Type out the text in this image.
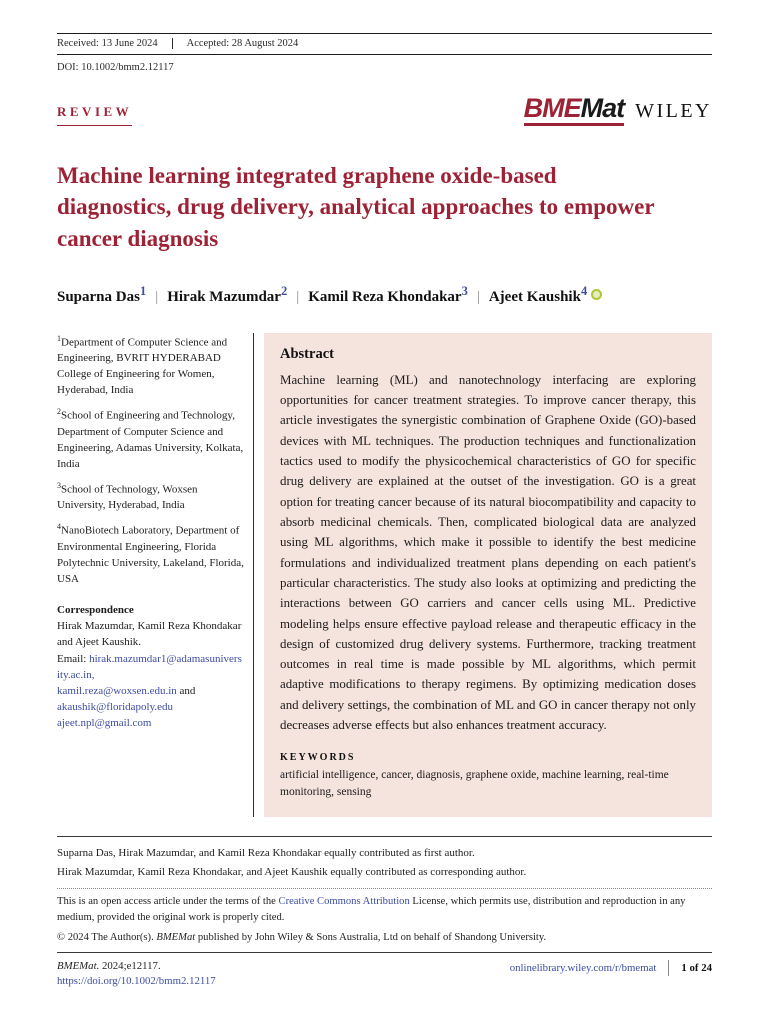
Received: 13 June 2024	Accepted: 28 August 2024
DOI: 10.1002/bmm2.12117
REVIEW	BMEMat WILEY
Machine learning integrated graphene oxide-based diagnostics, drug delivery, analytical approaches to empower cancer diagnosis
Suparna Das$^1$ | Hirak Mazumdar$^2$ | Kamil Reza Khondakar$^3$ | Ajeet Kaushik$^4$

$^1$Department of Computer Science and Engineering, BVRIT HYDERABAD College of Engineering for Women, Hyderabad, India

$^2$School of Engineering and Technology, Department of Computer Science and Engineering, Adamas University, Kolkata, India

$^3$School of Technology, Woxsen University, Hyderabad, India

$^4$NanoBiotech Laboratory, Department of Environmental Engineering, Florida Polytechnic University, Lakeland, Florida, USA

Correspondence
Hirak Mazumdar, Kamil Reza Khondakar and Ajeet Kaushik.
Email: hirak.mazumdar1@adamasuniversity.ac.in,
kamil.reza@woxsen.edu.in and
akaushik@floridapoly.edu
ajeet.npl@gmail.com
Abstract

Machine learning (ML) and nanotechnology interfacing are exploring opportunities for cancer treatment strategies. To improve cancer therapy, this article investigates the synergistic combination of Graphene Oxide (GO)-based devices with ML techniques. The production techniques and functionalization tactics used to modify the physicochemical characteristics of GO for specific drug delivery are explained at the outset of the investigation. GO is a great option for treating cancer because of its natural biocompatibility and capacity to absorb medicinal chemicals. Then, complicated biological data are analyzed using ML algorithms, which make it possible to identify the best medicine formulations and individualized treatment plans depending on each patient's particular characteristics. The study also looks at optimizing and predicting the interactions between GO carriers and cancer cells using ML. Predictive modeling helps ensure effective payload release and therapeutic efficacy in the design of customized drug delivery systems. Furthermore, tracking treatment outcomes in real time is made possible by ML algorithms, which permit adaptive modifications to therapy regimens. By optimizing medication doses and delivery settings, the combination of ML and GO in cancer therapy not only decreases adverse effects but also enhances treatment accuracy.

KEYWORDS

artificial intelligence, cancer, diagnosis, graphene oxide, machine learning, real-time monitoring, sensing

Suparna Das, Hirak Mazumdar, and Kamil Reza Khondakar equally contributed as first author.
Hirak Mazumdar, Kamil Reza Khondakar, and Ajeet Kaushik equally contributed as corresponding author.

This is an open access article under the terms of the Creative Commons Attribution License, which permits use, distribution and reproduction in any medium, provided the original work is properly cited.

© 2024 The Author(s). BMEMat published by John Wiley & Sons Australia, Ltd on behalf of Shandong University.

BMEMat. 2024;e12117.
https://doi.org/10.1002/bmm2.12117
onlinelibrary.wiley.com/r/bmemat 1 of 24
